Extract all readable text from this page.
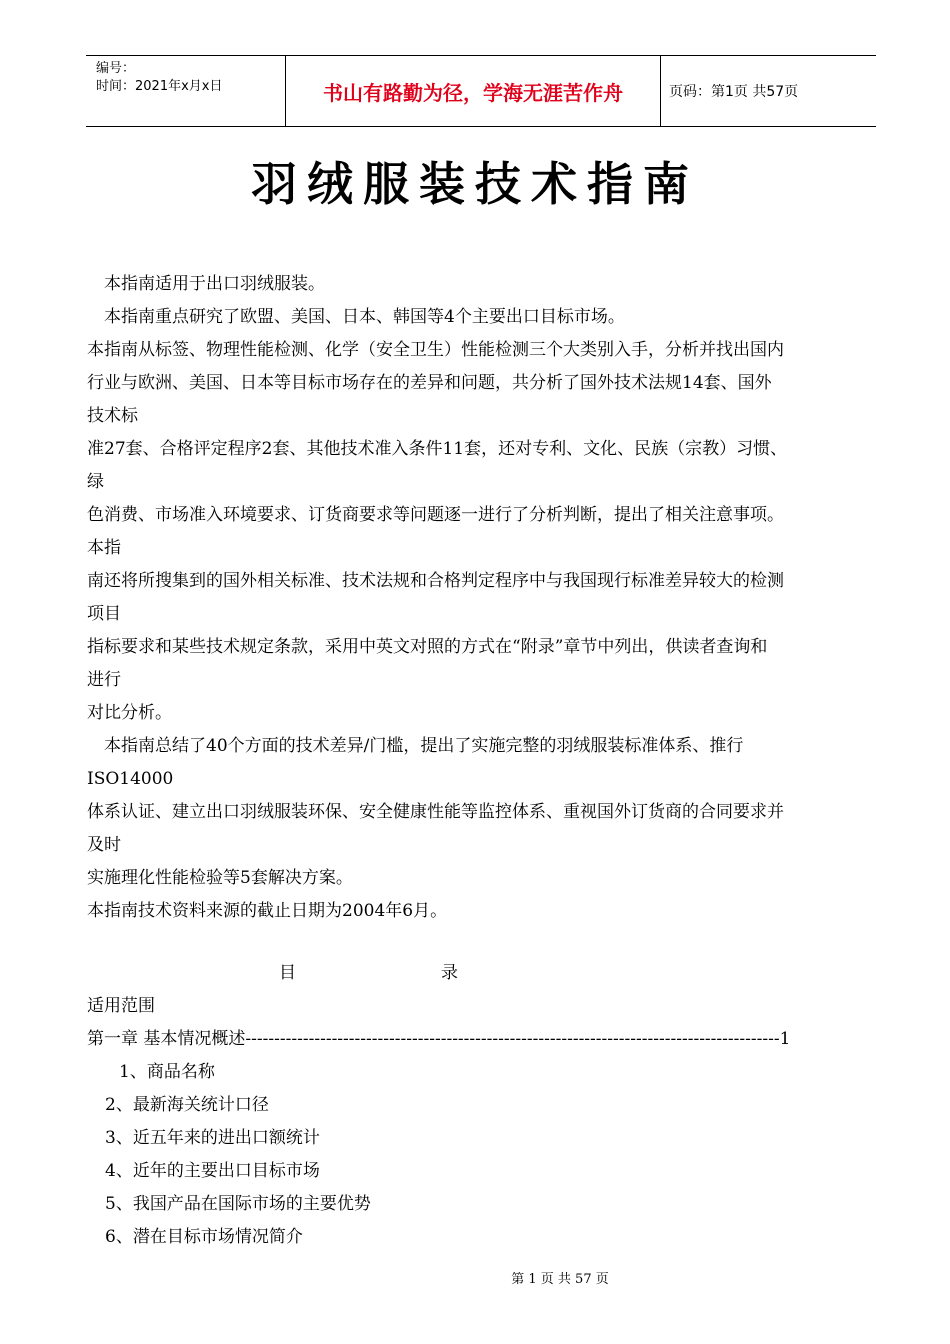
编号：
时间：2021年x月x日	书山有路勤为径，学海无涯苦作舟	页码：第1页 共57页
羽绒服装技术指南

本指南适用于出口羽绒服装。

本指南重点研究了欧盟、美国、日本、韩国等4个主要出口目标市场。

本指南从标签、物理性能检测、化学（安全卫生）性能检测三个大类别入手，分析并找出国内

行业与欧洲、美国、日本等目标市场存在的差异和问题，共分析了国外技术法规14套、国外

技术标

准27套、合格评定程序2套、其他技术准入条件11套，还对专利、文化、民族（宗教）习惯、

绿

色消费、市场准入环境要求、订货商要求等问题逐一进行了分析判断，提出了相关注意事项。

本指

南还将所搜集到的国外相关标准、技术法规和合格判定程序中与我国现行标准差异较大的检测

项目

指标要求和某些技术规定条款，采用中英文对照的方式在“附录”章节中列出，供读者查询和

进行

对比分析。

本指南总结了40个方面的技术差异/门槛，提出了实施完整的羽绒服装标准体系、推行

ISO14000

体系认证、建立出口羽绒服装环保、安全健康性能等监控体系、重视国外订货商的合同要求并

及时

实施理化性能检验等5套解决方案。

本指南技术资料来源的截止日期为2004年6月。

目	录

适用范围

第一章 基本情况概述---------------------------------------------------------------------------------------------1

1、商品名称

2、最新海关统计口径

3、近五年来的进出口额统计

4、近年的主要出口目标市场

5、我国产品在国际市场的主要优势

6、潜在目标市场情况简介

第 1 页 共 57 页
